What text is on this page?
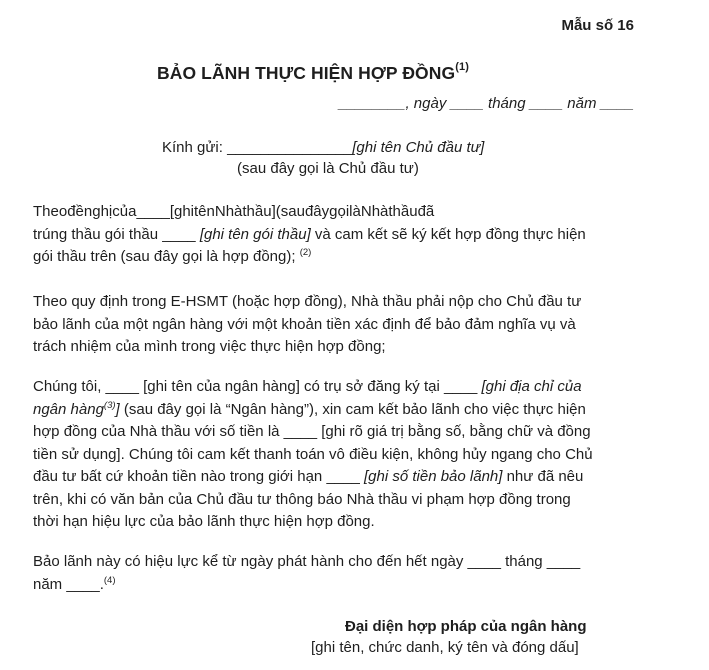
Mẫu số 16
BẢO LÃNH THỰC HIỆN HỢP ĐỒNG$^{(1)}$
________, ngày ____ tháng ____ năm ____
Kính gửi: _______________[ghi tên Chủ đầu tư]
(sau đây gọi là Chủ đầu tư)
Theođềnghịcủa____[ghitênNhàthầu](sauđâygọilàNhàthầuđã
trúng thầu gói thầu ____ [ghi tên gói thầu] và cam kết sẽ ký kết hợp đồng thực hiện
gói thầu trên (sau đây gọi là hợp đồng); $^{(2)}$
Theo quy định trong E-HSMT (hoặc hợp đồng), Nhà thầu phải nộp cho Chủ đầu tư
bảo lãnh của một ngân hàng với một khoản tiền xác định để bảo đảm nghĩa vụ và
trách nhiệm của mình trong việc thực hiện hợp đồng;
Chúng tôi, ____ [ghi tên của ngân hàng] có trụ sở đăng ký tại ____ [ghi địa chỉ của
ngân hàng$^{(3)}$] (sau đây gọi là “Ngân hàng”), xin cam kết bảo lãnh cho việc thực hiện
hợp đồng của Nhà thầu với số tiền là ____ [ghi rõ giá trị bằng số, bằng chữ và đồng
tiền sử dụng]. Chúng tôi cam kết thanh toán vô điều kiện, không hủy ngang cho Chủ
đầu tư bất cứ khoản tiền nào trong giới hạn ____ [ghi số tiền bảo lãnh] như đã nêu
trên, khi có văn bản của Chủ đầu tư thông báo Nhà thầu vi phạm hợp đồng trong
thời hạn hiệu lực của bảo lãnh thực hiện hợp đồng.
Bảo lãnh này có hiệu lực kể từ ngày phát hành cho đến hết ngày ____ tháng ____
năm ____.$^{(4)}$
Đại diện hợp pháp của ngân hàng
[ghi tên, chức danh, ký tên và đóng dấu]
